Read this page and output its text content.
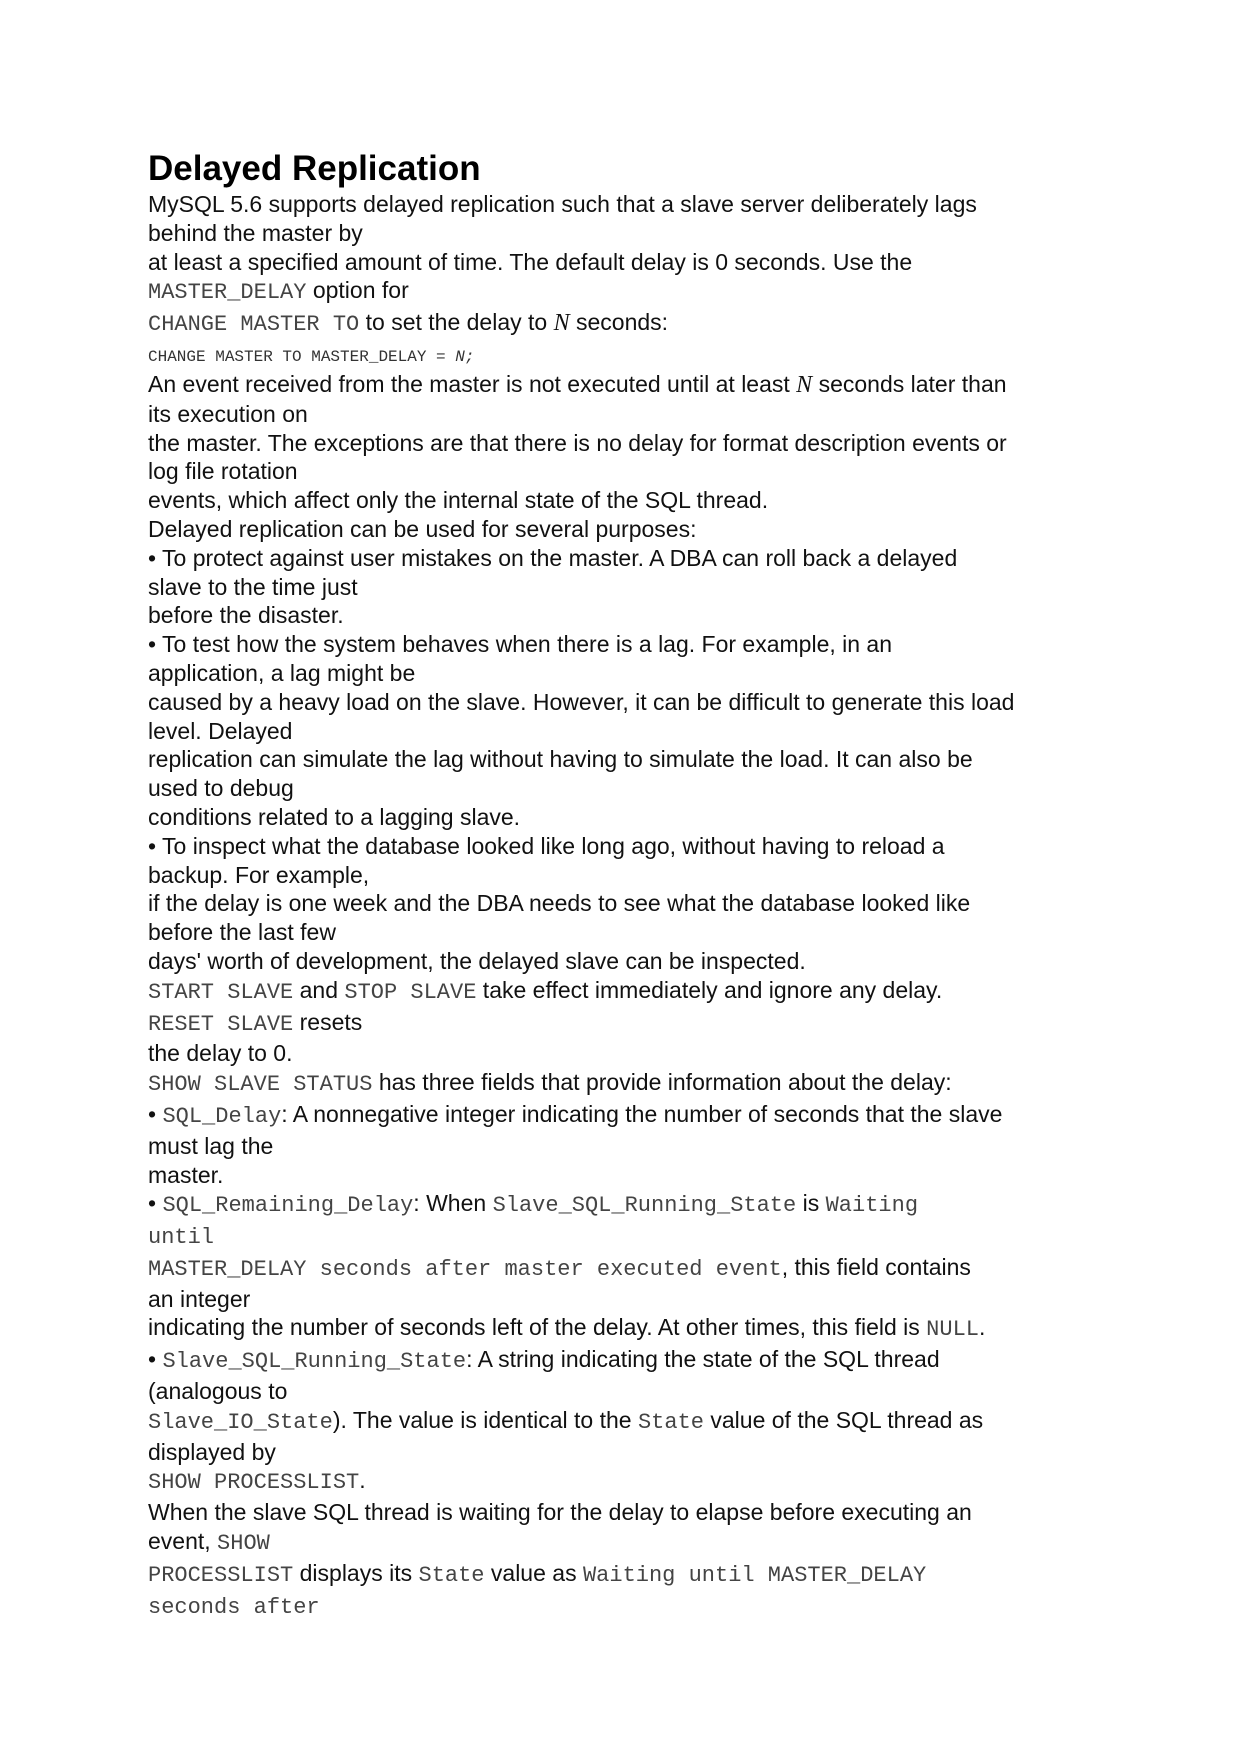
Delayed Replication
MySQL 5.6 supports delayed replication such that a slave server deliberately lags
behind the master by
at least a specified amount of time. The default delay is 0 seconds. Use the
MASTER_DELAY option for
CHANGE MASTER TO to set the delay to N seconds:
CHANGE MASTER TO MASTER_DELAY = N;
An event received from the master is not executed until at least N seconds later than
its execution on
the master. The exceptions are that there is no delay for format description events or
log file rotation
events, which affect only the internal state of the SQL thread.
Delayed replication can be used for several purposes:
• To protect against user mistakes on the master. A DBA can roll back a delayed
slave to the time just
before the disaster.
• To test how the system behaves when there is a lag. For example, in an
application, a lag might be
caused by a heavy load on the slave. However, it can be difficult to generate this load
level. Delayed
replication can simulate the lag without having to simulate the load. It can also be
used to debug
conditions related to a lagging slave.
• To inspect what the database looked like long ago, without having to reload a
backup. For example,
if the delay is one week and the DBA needs to see what the database looked like
before the last few
days' worth of development, the delayed slave can be inspected.
START SLAVE and STOP SLAVE take effect immediately and ignore any delay.
RESET SLAVE resets
the delay to 0.
SHOW SLAVE STATUS has three fields that provide information about the delay:
• SQL_Delay: A nonnegative integer indicating the number of seconds that the slave
must lag the
master.
• SQL_Remaining_Delay: When Slave_SQL_Running_State is Waiting
until
MASTER_DELAY seconds after master executed event, this field contains
an integer
indicating the number of seconds left of the delay. At other times, this field is NULL.
• Slave_SQL_Running_State: A string indicating the state of the SQL thread
(analogous to
Slave_IO_State). The value is identical to the State value of the SQL thread as
displayed by
SHOW PROCESSLIST.
When the slave SQL thread is waiting for the delay to elapse before executing an
event, SHOW
PROCESSLIST displays its State value as Waiting until MASTER_DELAY
seconds after
